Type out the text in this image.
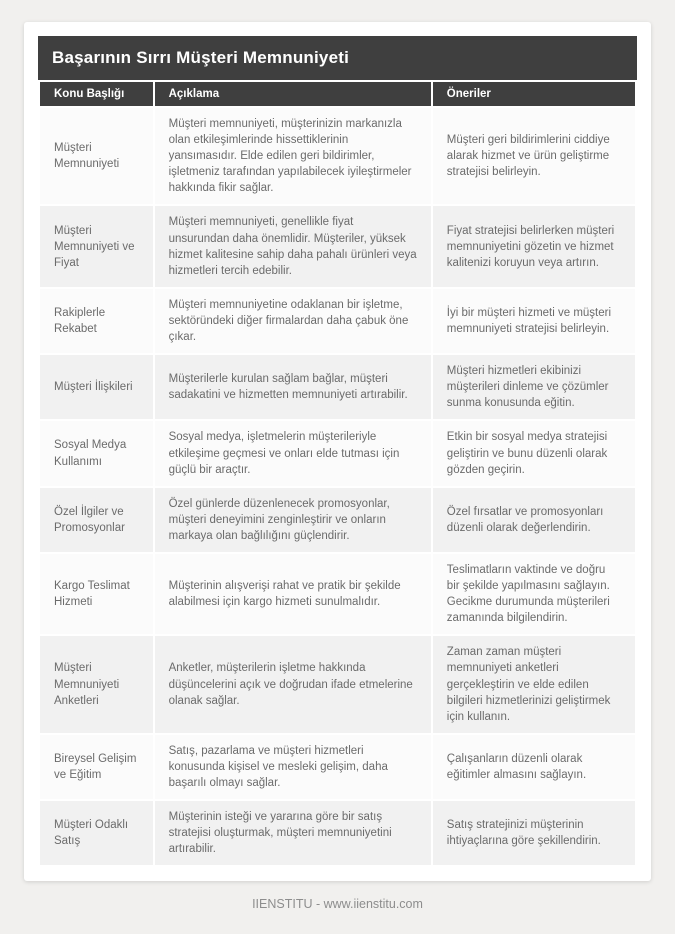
Başarının Sırrı Müşteri Memnuniyeti
Konu Başlığı	Açıklama	Öneriler
Müşteri Memnuniyeti	Müşteri memnuniyeti, müşterinizin markanızla olan etkileşimlerinde hissettiklerinin yansımasıdır. Elde edilen geri bildirimler, işletmeniz tarafından yapılabilecek iyileştirmeler hakkında fikir sağlar.	Müşteri geri bildirimlerini ciddiye alarak hizmet ve ürün geliştirme stratejisi belirleyin.
Müşteri Memnuniyeti ve Fiyat	Müşteri memnuniyeti, genellikle fiyat unsurundan daha önemlidir. Müşteriler, yüksek hizmet kalitesine sahip daha pahalı ürünleri veya hizmetleri tercih edebilir.	Fiyat stratejisi belirlerken müşteri memnuniyetini gözetin ve hizmet kalitenizi koruyun veya artırın.
Rakiplerle Rekabet	Müşteri memnuniyetine odaklanan bir işletme, sektöründeki diğer firmalardan daha çabuk öne çıkar.	İyi bir müşteri hizmeti ve müşteri memnuniyeti stratejisi belirleyin.
Müşteri İlişkileri	Müşterilerle kurulan sağlam bağlar, müşteri sadakatini ve hizmetten memnuniyeti artırabilir.	Müşteri hizmetleri ekibinizi müşterileri dinleme ve çözümler sunma konusunda eğitin.
Sosyal Medya Kullanımı	Sosyal medya, işletmelerin müşterileriyle etkileşime geçmesi ve onları elde tutması için güçlü bir araçtır.	Etkin bir sosyal medya stratejisi geliştirin ve bunu düzenli olarak gözden geçirin.
Özel İlgiler ve Promosyonlar	Özel günlerde düzenlenecek promosyonlar, müşteri deneyimini zenginleştirir ve onların markaya olan bağlılığını güçlendirir.	Özel fırsatlar ve promosyonları düzenli olarak değerlendirin.
Kargo Teslimat Hizmeti	Müşterinin alışverişi rahat ve pratik bir şekilde alabilmesi için kargo hizmeti sunulmalıdır.	Teslimatların vaktinde ve doğru bir şekilde yapılmasını sağlayın. Gecikme durumunda müşterileri zamanında bilgilendirin.
Müşteri Memnuniyeti Anketleri	Anketler, müşterilerin işletme hakkında düşüncelerini açık ve doğrudan ifade etmelerine olanak sağlar.	Zaman zaman müşteri memnuniyeti anketleri gerçekleştirin ve elde edilen bilgileri hizmetlerinizi geliştirmek için kullanın.
Bireysel Gelişim ve Eğitim	Satış, pazarlama ve müşteri hizmetleri konusunda kişisel ve mesleki gelişim, daha başarılı olmayı sağlar.	Çalışanların düzenli olarak eğitimler almasını sağlayın.
Müşteri Odaklı Satış	Müşterinin isteği ve yararına göre bir satış stratejisi oluşturmak, müşteri memnuniyetini artırabilir.	Satış stratejinizi müşterinin ihtiyaçlarına göre şekillendirin.
IIENSTITU - www.iienstitu.com
